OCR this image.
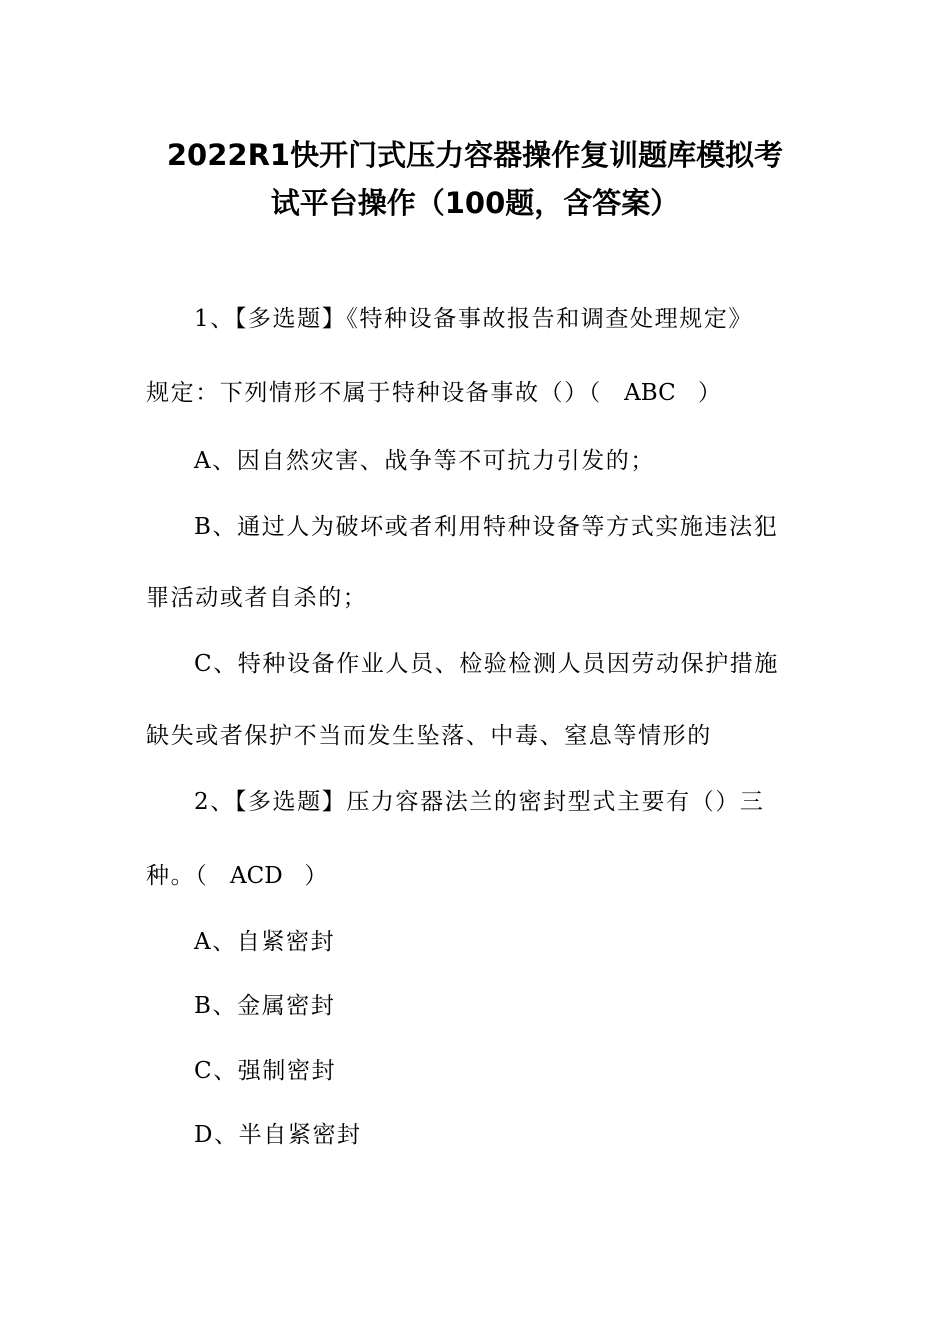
2022R1快开门式压力容器操作复训题库模拟考
试平台操作（100题，含答案）
1、【多选题】《特种设备事故报告和调查处理规定》
规定：下列情形不属于特种设备事故（）（ ABC ）
A、因自然灾害、战争等不可抗力引发的；
B、通过人为破坏或者利用特种设备等方式实施违法犯
罪活动或者自杀的；
C、特种设备作业人员、检验检测人员因劳动保护措施
缺失或者保护不当而发生坠落、中毒、窒息等情形的
2、【多选题】压力容器法兰的密封型式主要有（）三
种。（ ACD ）
A、自紧密封
B、金属密封
C、强制密封
D、半自紧密封
